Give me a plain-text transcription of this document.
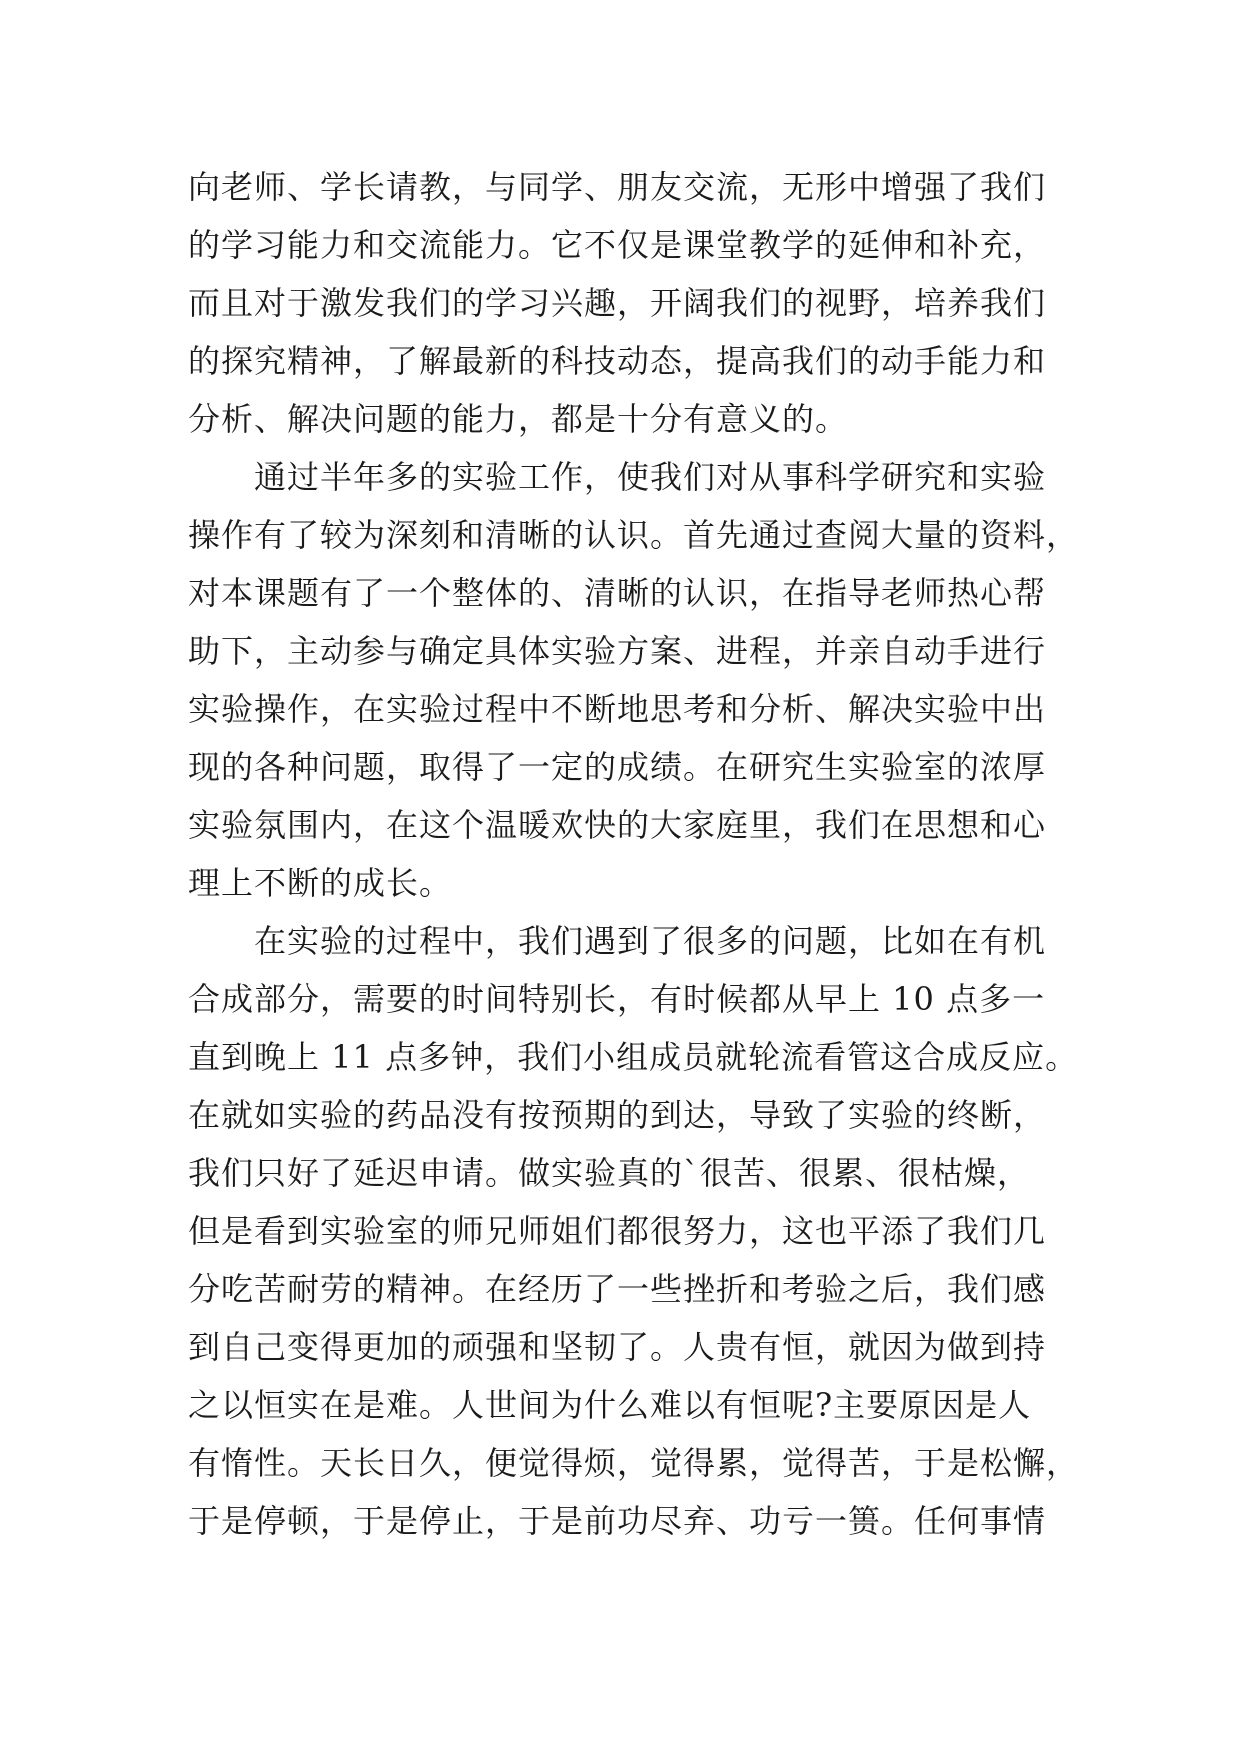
向老师、学长请教，与同学、朋友交流，无形中增强了我们
的学习能力和交流能力。它不仅是课堂教学的延伸和补充，
而且对于激发我们的学习兴趣，开阔我们的视野，培养我们
的探究精神，了解最新的科技动态，提高我们的动手能力和
分析、解决问题的能力，都是十分有意义的。
通过半年多的实验工作，使我们对从事科学研究和实验
操作有了较为深刻和清晰的认识。首先通过查阅大量的资料，
对本课题有了一个整体的、清晰的认识，在指导老师热心帮
助下，主动参与确定具体实验方案、进程，并亲自动手进行
实验操作，在实验过程中不断地思考和分析、解决实验中出
现的各种问题，取得了一定的成绩。在研究生实验室的浓厚
实验氛围内，在这个温暖欢快的大家庭里，我们在思想和心
理上不断的成长。
在实验的过程中，我们遇到了很多的问题，比如在有机
合成部分，需要的时间特别长，有时候都从早上 10 点多一
直到晚上 11 点多钟，我们小组成员就轮流看管这合成反应。
在就如实验的药品没有按预期的到达，导致了实验的终断，
我们只好了延迟申请。做实验真的`很苦、很累、很枯燥，
但是看到实验室的师兄师姐们都很努力，这也平添了我们几
分吃苦耐劳的精神。在经历了一些挫折和考验之后，我们感
到自己变得更加的顽强和坚韧了。人贵有恒，就因为做到持
之以恒实在是难。人世间为什么难以有恒呢?主要原因是人
有惰性。天长日久，便觉得烦，觉得累，觉得苦，于是松懈，
于是停顿，于是停止，于是前功尽弃、功亏一篑。任何事情
